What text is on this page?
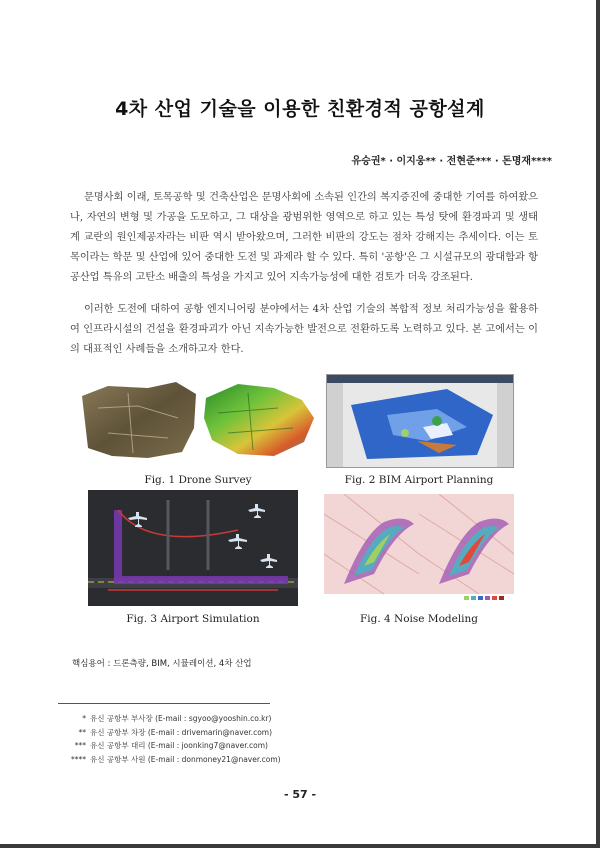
4차 산업 기술을 이용한 친환경적 공항설계
유승권* · 이지웅** · 전현준*** · 돈명재****

문명사회 이래, 토목공학 및 건축산업은 문명사회에 소속된 인간의 복지증진에 중대한 기여를 하여왔으나, 자연의 변형 및 가공을 도모하고, 그 대상을 광범위한 영역으로 하고 있는 특성 탓에 환경파괴 및 생태계 교란의 원인제공자라는 비판 역시 받아왔으며, 그러한 비판의 강도는 점차 강해지는 추세이다. 이는 토목이라는 학문 및 산업에 있어 중대한 도전 및 과제라 할 수 있다. 특히 '공항'은 그 시설규모의 광대함과 항공산업 특유의 고탄소 배출의 특성을 가지고 있어 지속가능성에 대한 검토가 더욱 강조된다.

이러한 도전에 대하여 공항 엔지니어링 분야에서는 4차 산업 기술의 복합적 정보 처리가능성을 활용하여 인프라시설의 건설을 환경파괴가 아닌 지속가능한 발전으로 전환하도록 노력하고 있다. 본 고에서는 이의 대표적인 사례들을 소개하고자 한다.

Fig. 1 Drone Survey	Fig. 2 BIM Airport Planning
Fig. 3 Airport Simulation	Fig. 4 Noise Modeling
핵심용어 : 드론측량, BIM, 시뮬레이션, 4차 산업
* 유신 공항부 부사장 (E-mail : sgyoo@yooshin.co.kr)
** 유신 공항부 차장 (E-mail : drivemarin@naver.com)
*** 유신 공항부 대리 (E-mail : joonking7@naver.com)
**** 유신 공항부 사원 (E-mail : donmoney21@naver.com)
- 57 -
